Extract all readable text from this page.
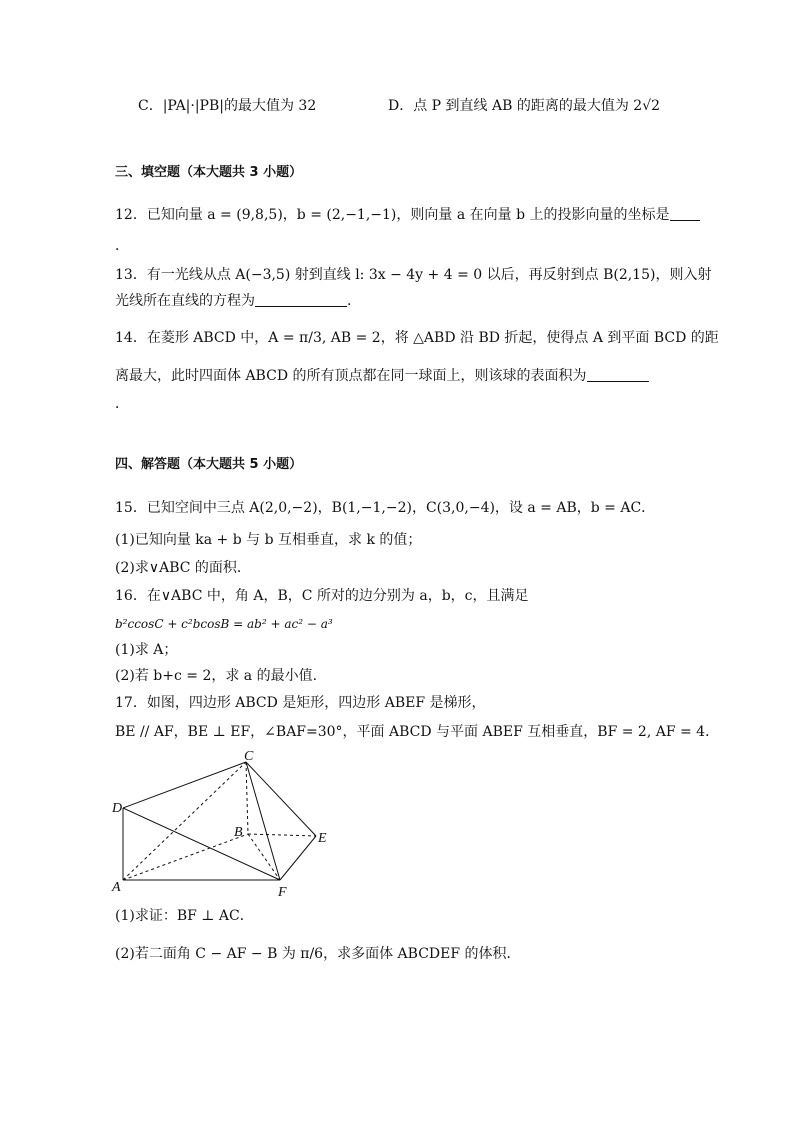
C．|PA|·|PB|的最大值为 32	D．点 P 到直线 AB 的距离的最大值为 2√2
三、填空题（本大题共 3 小题）
12．已知向量 a = (9,8,5)，b = (2,−1,−1)，则向量 a 在向量 b 上的投影向量的坐标是
．
13．有一光线从点 A(−3,5) 射到直线 l: 3x − 4y + 4 = 0 以后，再反射到点 B(2,15)，则入射
光线所在直线的方程为	.
14．在菱形 ABCD 中，A = π/3, AB = 2，将 △ABD 沿 BD 折起，使得点 A 到平面 BCD 的距
离最大，此时四面体 ABCD 的所有顶点都在同一球面上，则该球的表面积为
．
四、解答题（本大题共 5 小题）
15．已知空间中三点 A(2,0,−2)，B(1,−1,−2)，C(3,0,−4)，设 a = AB，b = AC．
(1)已知向量 ka + b 与 b 互相垂直，求 k 的值；
(2)求∨ABC 的面积．
16．在∨ABC 中，角 A，B，C 所对的边分别为 a，b，c，且满足
b²ccosC + c²bcosB = ab² + ac² − a³
(1)求 A；
(2)若 b+c = 2，求 a 的最小值.
17．如图，四边形 ABCD 是矩形，四边形 ABEF 是梯形，
BE // AF，BE ⊥ EF，∠BAF=30°，平面 ABCD 与平面 ABEF 互相垂直，BF = 2, AF = 4．
C
D
B	E
A	F
(1)求证：BF ⊥ AC．
(2)若二面角 C − AF − B 为 π/6，求多面体 ABCDEF 的体积．
